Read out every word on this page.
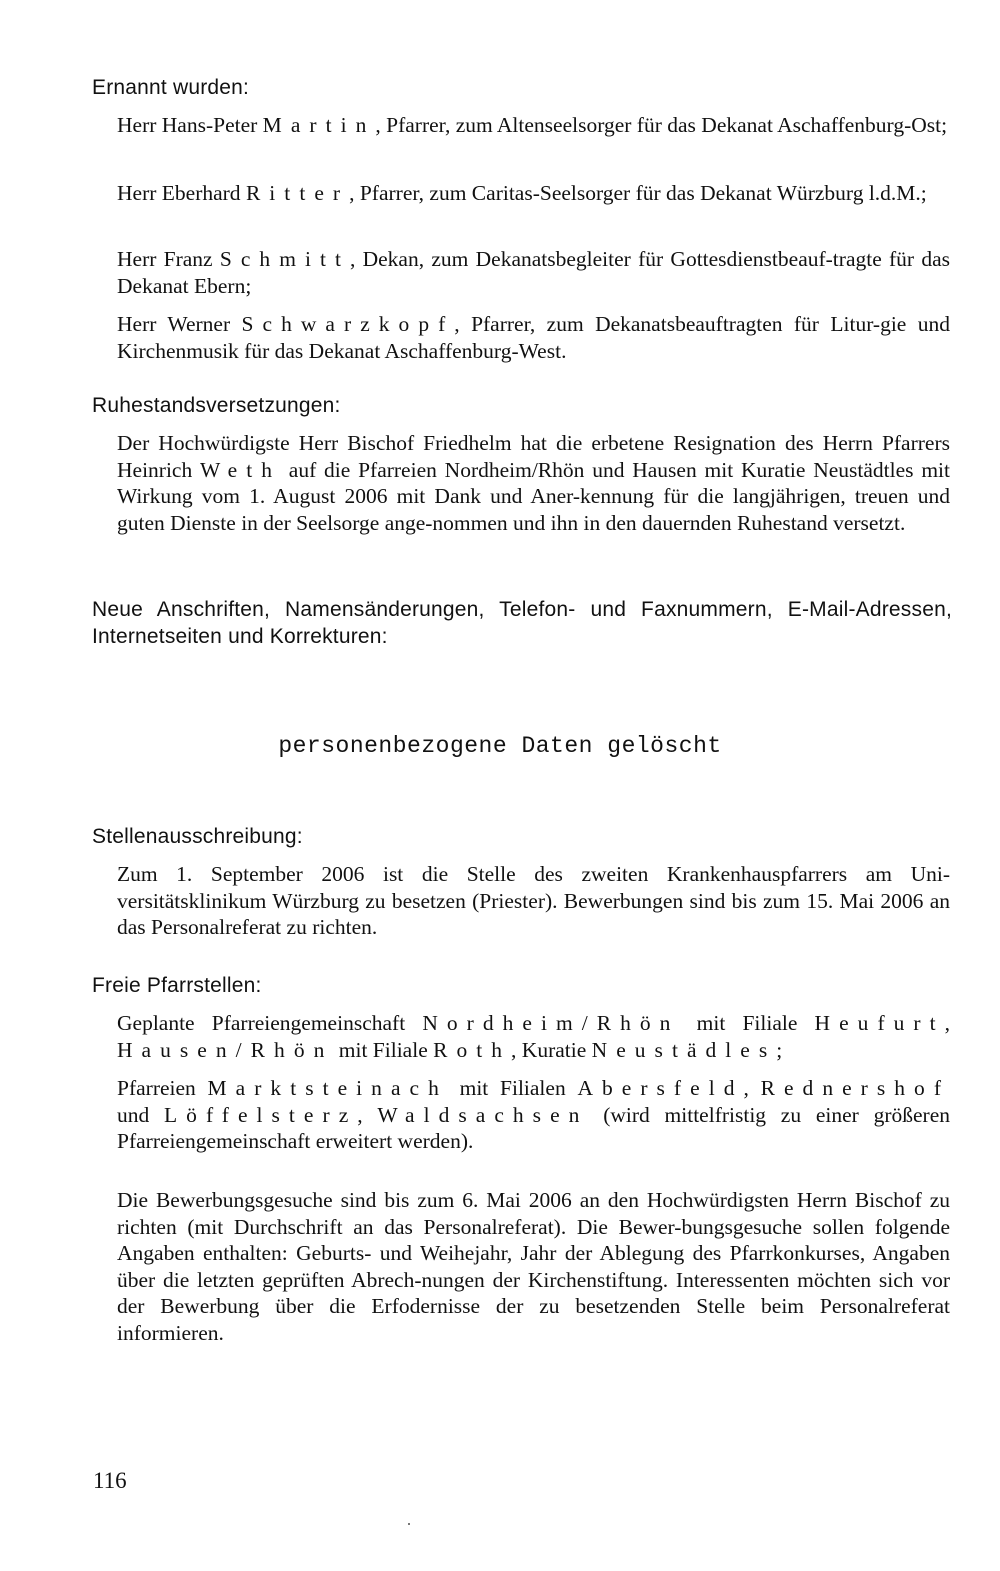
Ernannt wurden:

Herr Hans-Peter Martin, Pfarrer, zum Altenseelsorger für das Dekanat Aschaffenburg-Ost;

Herr Eberhard Ritter, Pfarrer, zum Caritas-Seelsorger für das Dekanat Würzburg l.d.M.;

Herr Franz Schmitt, Dekan, zum Dekanatsbegleiter für Gottesdienstbeauf-tragte für das Dekanat Ebern;

Herr Werner Schwarzkopf, Pfarrer, zum Dekanatsbeauftragten für Litur-gie und Kirchenmusik für das Dekanat Aschaffenburg-West.

Ruhestandsversetzungen:

Der Hochwürdigste Herr Bischof Friedhelm hat die erbetene Resignation des Herrn Pfarrers Heinrich Weth auf die Pfarreien Nordheim/Rhön und Hausen mit Kuratie Neustädtles mit Wirkung vom 1. August 2006 mit Dank und Aner-kennung für die langjährigen, treuen und guten Dienste in der Seelsorge ange-nommen und ihn in den dauernden Ruhestand versetzt.

Neue Anschriften, Namensänderungen, Telefon- und Faxnummern, E-Mail-Adressen, Internetseiten und Korrekturen:

personenbezogene Daten gelöscht

Stellenausschreibung:

Zum 1. September 2006 ist die Stelle des zweiten Krankenhauspfarrers am Uni-versitätsklinikum Würzburg zu besetzen (Priester). Bewerbungen sind bis zum 15. Mai 2006 an das Personalreferat zu richten.

Freie Pfarrstellen:

Geplante Pfarreiengemeinschaft Nordheim/Rhön mit Filiale Heufurt, Hausen/Rhön mit Filiale Roth, Kuratie Neustädles;

Pfarreien Marktsteinach mit Filialen Abersfeld, Rednershof und Löffelsterz, Waldsachsen (wird mittelfristig zu einer größeren Pfarreiengemeinschaft erweitert werden).

Die Bewerbungsgesuche sind bis zum 6. Mai 2006 an den Hochwürdigsten Herrn Bischof zu richten (mit Durchschrift an das Personalreferat). Die Bewer-bungsgesuche sollen folgende Angaben enthalten: Geburts- und Weihejahr, Jahr der Ablegung des Pfarrkonkurses, Angaben über die letzten geprüften Abrech-nungen der Kirchenstiftung. Interessenten möchten sich vor der Bewerbung über die Erfodernisse der zu besetzenden Stelle beim Personalreferat informieren.

116
